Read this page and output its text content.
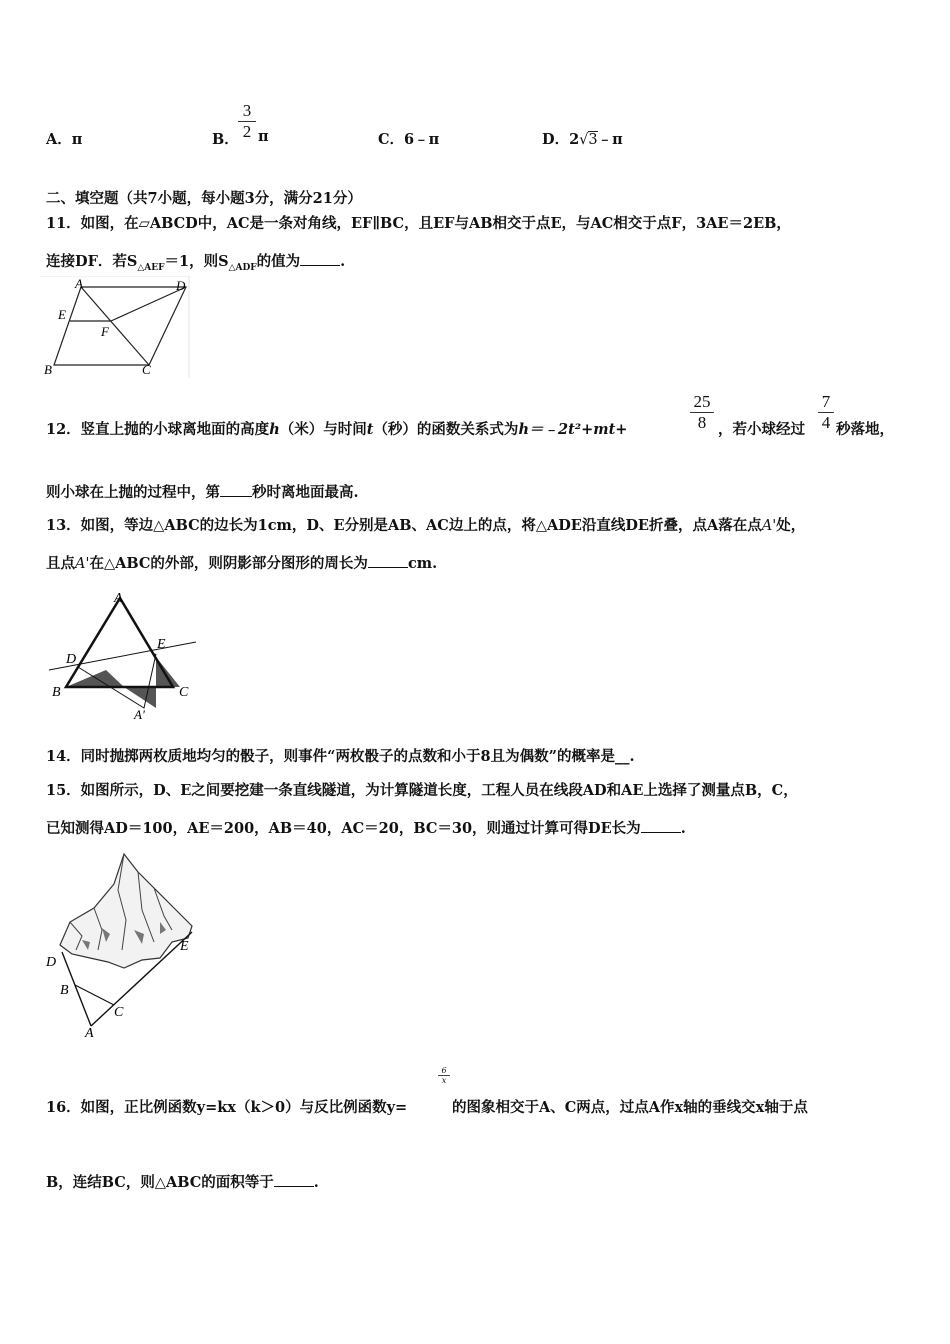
A．π	B． $\frac{3}{2}$ π	C．6﹣π	D．2√3﹣π
二、填空题（共7小题，每小题3分，满分21分）
11．如图，在▱ABCD中，AC是一条对角线，EF∥BC，且EF与AB相交于点E，与AC相交于点F，3AE＝2EB，
连接DF．若$S_{\triangle AEF}=1$，则$S_{\triangle ADF}$的值为	.
A	D
E
F
B	C
12．竖直上抛的小球离地面的高度h（米）与时间t（秒）的函数关系式为h＝﹣2t²+mt+	$\frac{25}{8}$ ，若小球经过 $\frac{7}{4}$ 秒落地，
则小球在上抛的过程中，第 秒时离地面最高.
13．如图，等边△ABC的边长为1cm，D、E分别是AB、AC边上的点，将△ADE沿直线DE折叠，点A落在点A'处，
且点A'在△ABC的外部，则阴影部分图形的周长为	cm.
A
D
E
B	C
A'
14．同时抛掷两枚质地均匀的骰子，则事件“两枚骰子的点数和小于8且为偶数”的概率是__.
15．如图所示，D、E之间要挖建一条直线隧道，为计算隧道长度，工程人员在线段AD和AE上选择了测量点B，C，
已知测得AD＝100，AE＝200，AB＝40，AC＝20，BC＝30，则通过计算可得DE长为	.
D
E
B
C
A
$\frac{6}{x}$
16．如图，正比例函数y=kx（k＞0）与反比例函数y=	的图象相交于A、C两点，过点A作x轴的垂线交x轴于点
B，连结BC，则△ABC的面积等于	.
